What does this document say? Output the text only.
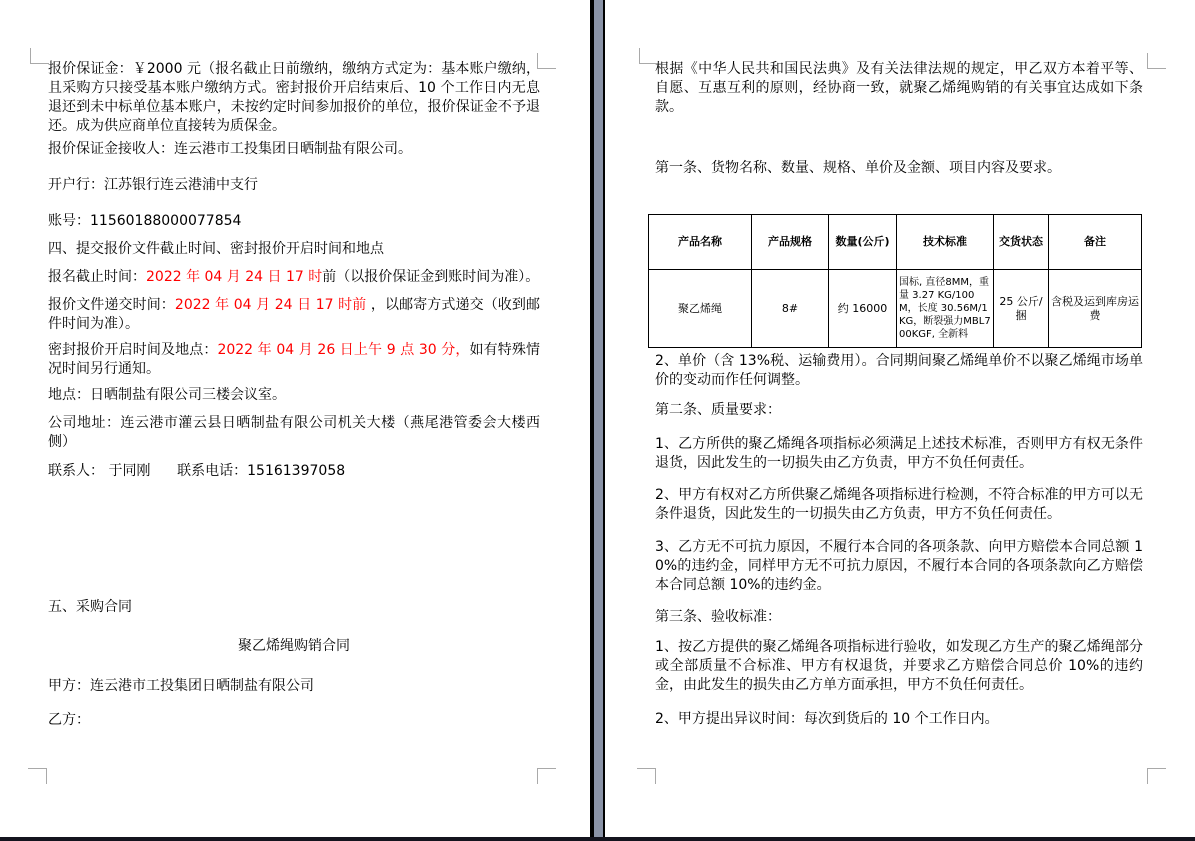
报价保证金：￥2000 元（报名截止日前缴纳，缴纳方式定为：基本账户缴纳，且采购方只接受基本账户缴纳方式。密封报价开启结束后、10 个工作日内无息退还到未中标单位基本账户，未按约定时间参加报价的单位，报价保证金不予退还。成为供应商单位直接转为质保金。

报价保证金接收人：连云港市工投集团日晒制盐有限公司。

开户行：江苏银行连云港浦中支行

账号：11560188000077854

四、提交报价文件截止时间、密封报价开启时间和地点

报名截止时间：2022 年 04 月 24 日 17 时前（以报价保证金到账时间为准）。

报价文件递交时间：2022 年 04 月 24 日 17 时前 ，以邮寄方式递交（收到邮件时间为准）。

密封报价开启时间及地点：2022 年 04 月 26 日上午 9 点 30 分，如有特殊情况时间另行通知。

地点：日晒制盐有限公司三楼会议室。

公司地址：连云港市灌云县日晒制盐有限公司机关大楼（燕尾港管委会大楼西侧）

联系人： 于同刚      联系电话：15161397058

五、采购合同

聚乙烯绳购销合同

甲方：连云港市工投集团日晒制盐有限公司

乙方：

根据《中华人民共和国民法典》及有关法律法规的规定，甲乙双方本着平等、自愿、互惠互利的原则，经协商一致，就聚乙烯绳购销的有关事宜达成如下条款。

第一条、货物名称、数量、规格、单价及金额、项目内容及要求。

产品名称	产品规格	数量(公斤)	技术标准	交货状态	备注
聚乙烯绳	8#	约 16000	国标, 直径8MM，重量 3.27 KG/100M，长度 30.56M/1KG，断裂强力MBL700KGF, 全新料	25 公斤/捆	含税及运到库房运费

2、单价（含 13%税、运输费用）。合同期间聚乙烯绳单价不以聚乙烯绳市场单价的变动而作任何调整。

第二条、质量要求：

1、乙方所供的聚乙烯绳各项指标必须满足上述技术标准，否则甲方有权无条件退货，因此发生的一切损失由乙方负责，甲方不负任何责任。

2、甲方有权对乙方所供聚乙烯绳各项指标进行检测，不符合标准的甲方可以无条件退货，因此发生的一切损失由乙方负责，甲方不负任何责任。

3、乙方无不可抗力原因，不履行本合同的各项条款、向甲方赔偿本合同总额 10%的违约金，同样甲方无不可抗力原因，不履行本合同的各项条款向乙方赔偿本合同总额 10%的违约金。

第三条、验收标准：

1、按乙方提供的聚乙烯绳各项指标进行验收，如发现乙方生产的聚乙烯绳部分或全部质量不合标准、甲方有权退货，并要求乙方赔偿合同总价 10%的违约金，由此发生的损失由乙方单方面承担，甲方不负任何责任。

2、甲方提出异议时间：每次到货后的 10 个工作日内。
